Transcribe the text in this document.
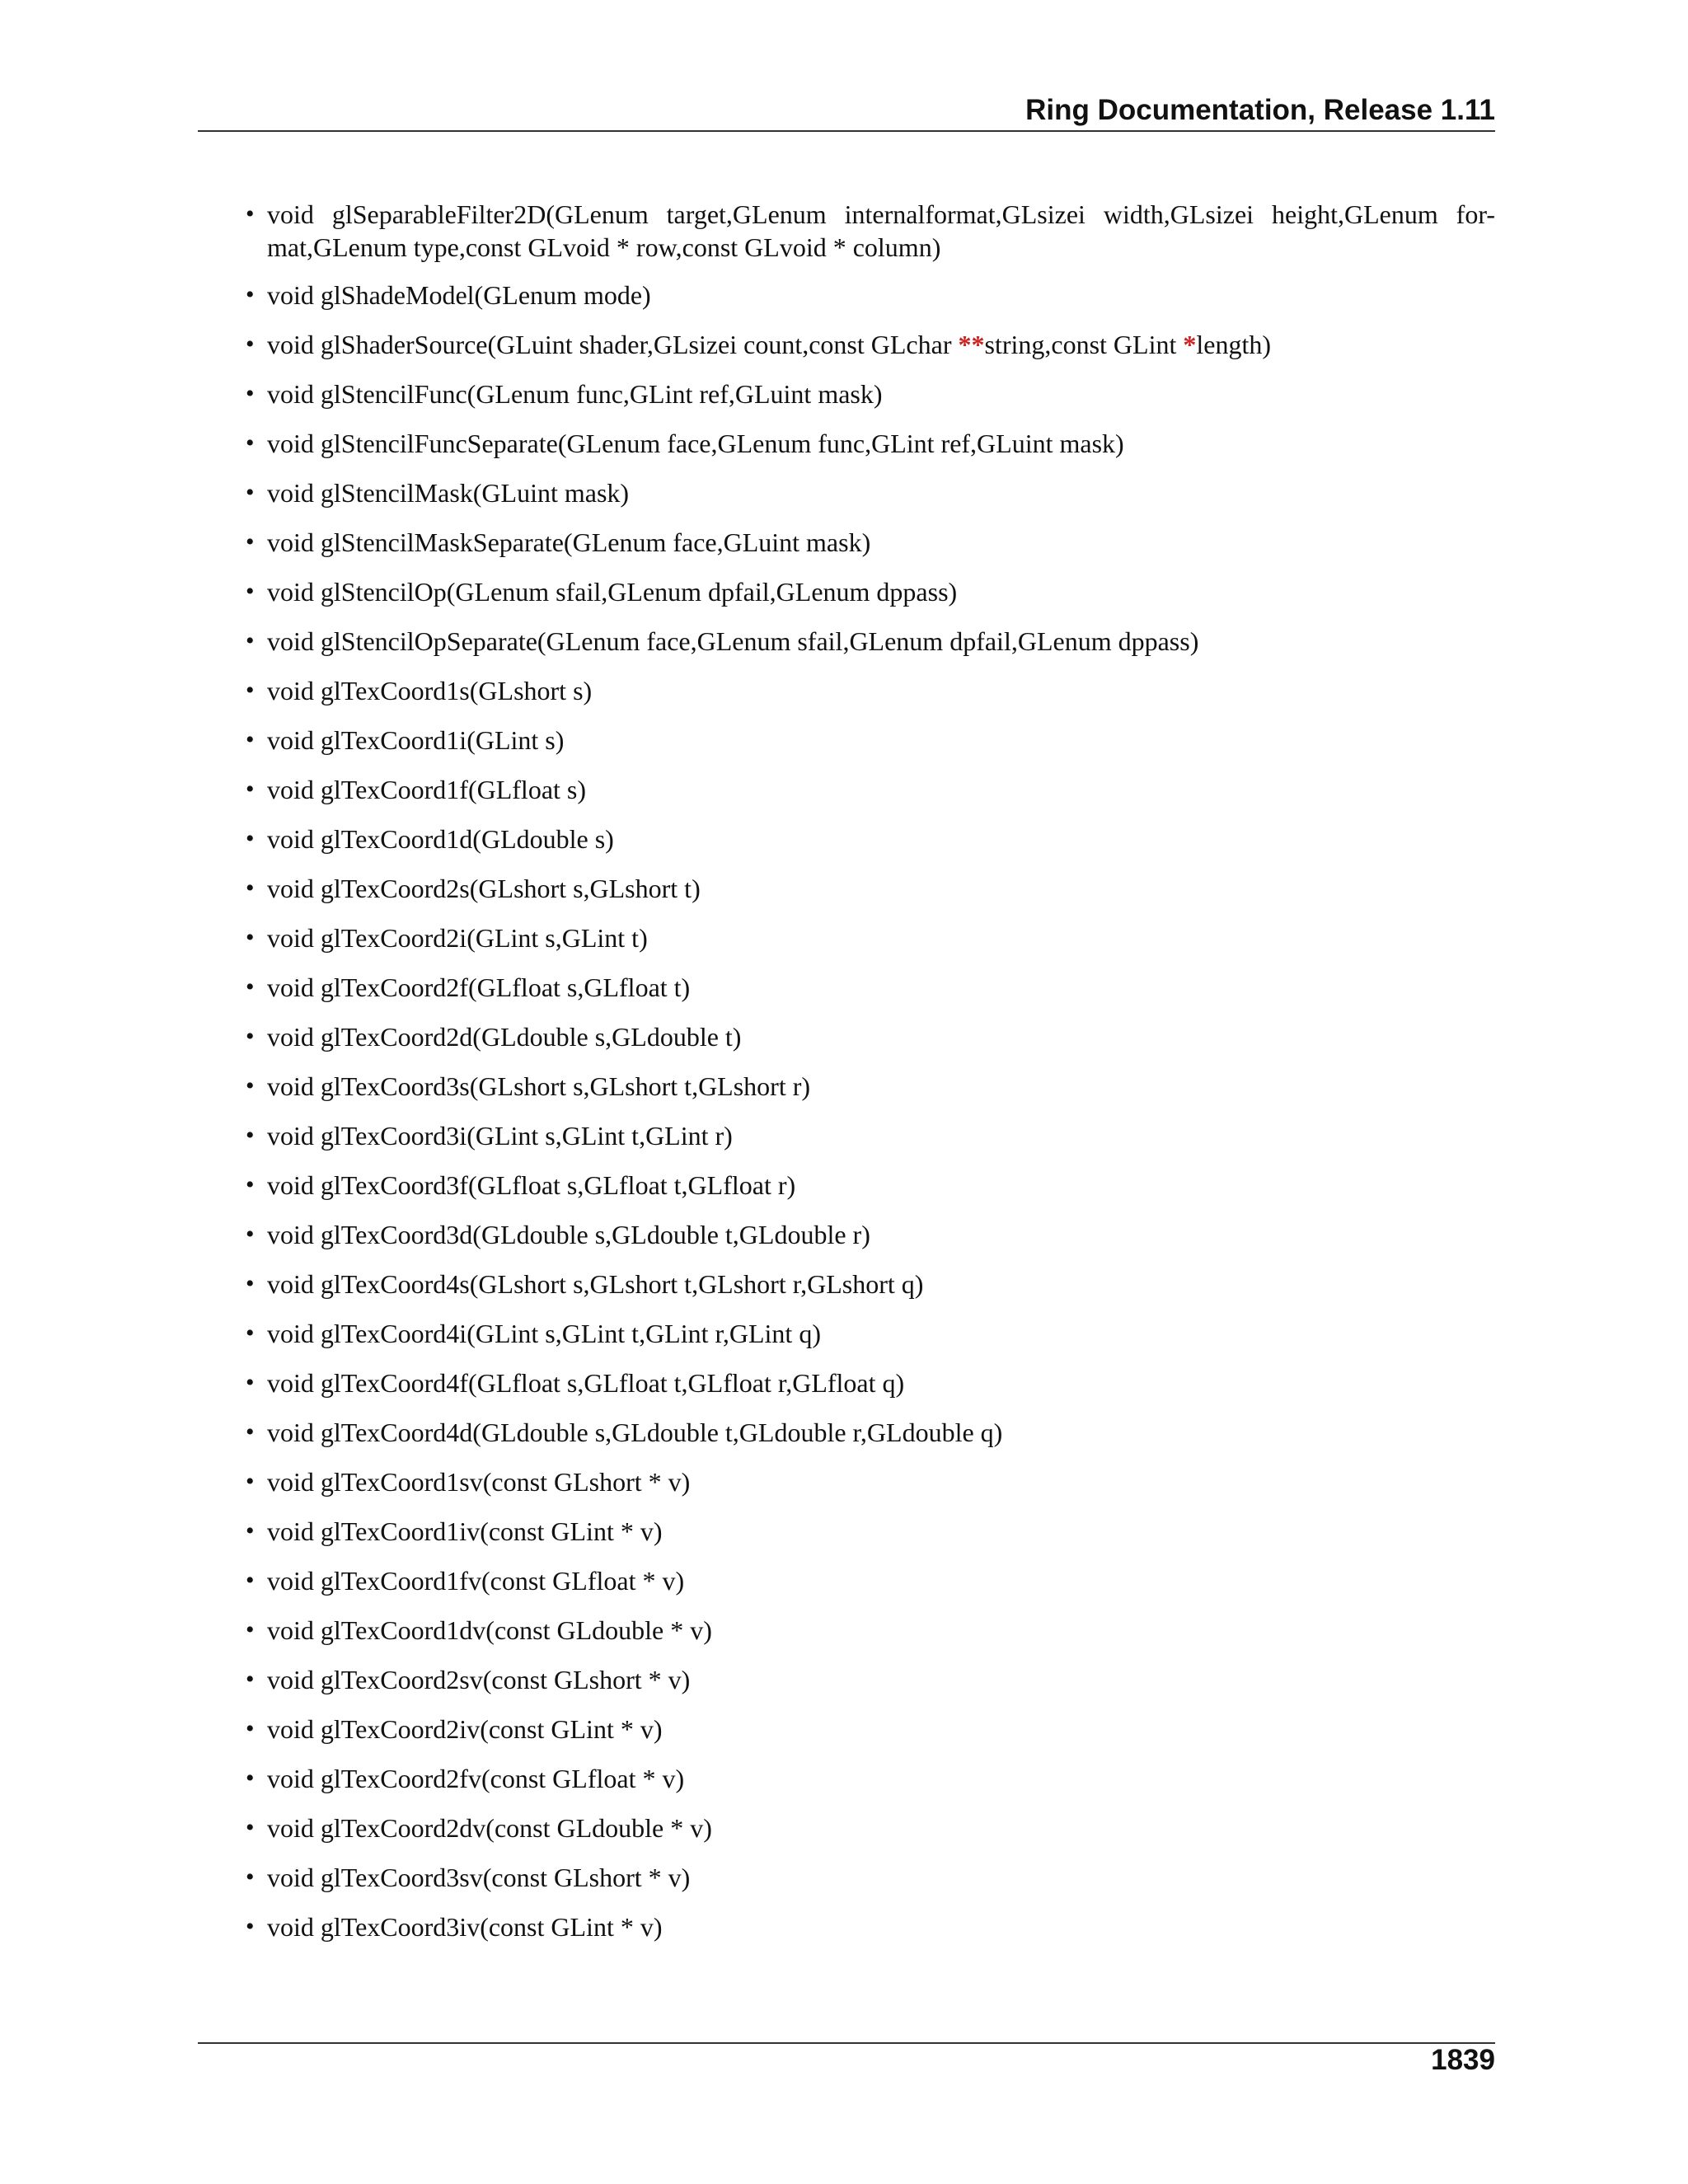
Ring Documentation, Release 1.11
• void glSeparableFilter2D(GLenum target,GLenum internalformat,GLsizei width,GLsizei height,GLenum for-mat,GLenum type,const GLvoid * row,const GLvoid * column)
• void glShadeModel(GLenum mode)
• void glShaderSource(GLuint shader,GLsizei count,const GLchar **string,const GLint *length)
• void glStencilFunc(GLenum func,GLint ref,GLuint mask)
• void glStencilFuncSeparate(GLenum face,GLenum func,GLint ref,GLuint mask)
• void glStencilMask(GLuint mask)
• void glStencilMaskSeparate(GLenum face,GLuint mask)
• void glStencilOp(GLenum sfail,GLenum dpfail,GLenum dppass)
• void glStencilOpSeparate(GLenum face,GLenum sfail,GLenum dpfail,GLenum dppass)
• void glTexCoord1s(GLshort s)
• void glTexCoord1i(GLint s)
• void glTexCoord1f(GLfloat s)
• void glTexCoord1d(GLdouble s)
• void glTexCoord2s(GLshort s,GLshort t)
• void glTexCoord2i(GLint s,GLint t)
• void glTexCoord2f(GLfloat s,GLfloat t)
• void glTexCoord2d(GLdouble s,GLdouble t)
• void glTexCoord3s(GLshort s,GLshort t,GLshort r)
• void glTexCoord3i(GLint s,GLint t,GLint r)
• void glTexCoord3f(GLfloat s,GLfloat t,GLfloat r)
• void glTexCoord3d(GLdouble s,GLdouble t,GLdouble r)
• void glTexCoord4s(GLshort s,GLshort t,GLshort r,GLshort q)
• void glTexCoord4i(GLint s,GLint t,GLint r,GLint q)
• void glTexCoord4f(GLfloat s,GLfloat t,GLfloat r,GLfloat q)
• void glTexCoord4d(GLdouble s,GLdouble t,GLdouble r,GLdouble q)
• void glTexCoord1sv(const GLshort * v)
• void glTexCoord1iv(const GLint * v)
• void glTexCoord1fv(const GLfloat * v)
• void glTexCoord1dv(const GLdouble * v)
• void glTexCoord2sv(const GLshort * v)
• void glTexCoord2iv(const GLint * v)
• void glTexCoord2fv(const GLfloat * v)
• void glTexCoord2dv(const GLdouble * v)
• void glTexCoord3sv(const GLshort * v)
• void glTexCoord3iv(const GLint * v)
1839
